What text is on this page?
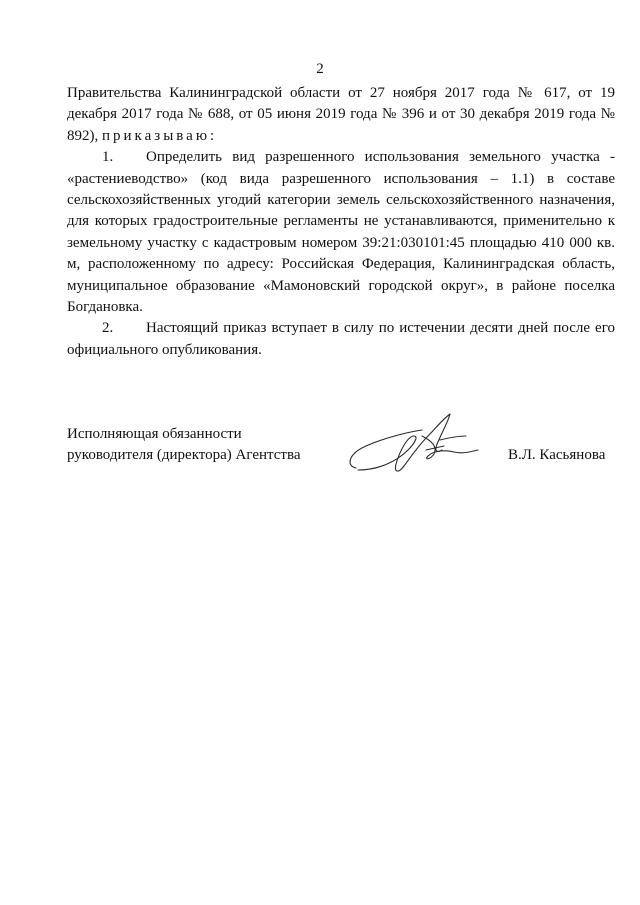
2

Правительства Калининградской области от 27 ноября 2017 года № 617, от 19 декабря 2017 года № 688, от 05 июня 2019 года № 396 и от 30 декабря 2019 года № 892), приказываю:

1. Определить вид разрешенного использования земельного участка - «растениеводство» (код вида разрешенного использования – 1.1) в составе сельскохозяйственных угодий категории земель сельскохозяйственного назначения, для которых градостроительные регламенты не устанавливаются, применительно к земельному участку с кадастровым номером 39:21:030101:45 площадью 410 000 кв. м, расположенному по адресу: Российская Федерация, Калининградская область, муниципальное образование «Мамоновский городской округ», в районе поселка Богдановка.

2. Настоящий приказ вступает в силу по истечении десяти дней после его официального опубликования.

Исполняющая обязанности
руководителя (директора) Агентства	В.Л. Касьянова
